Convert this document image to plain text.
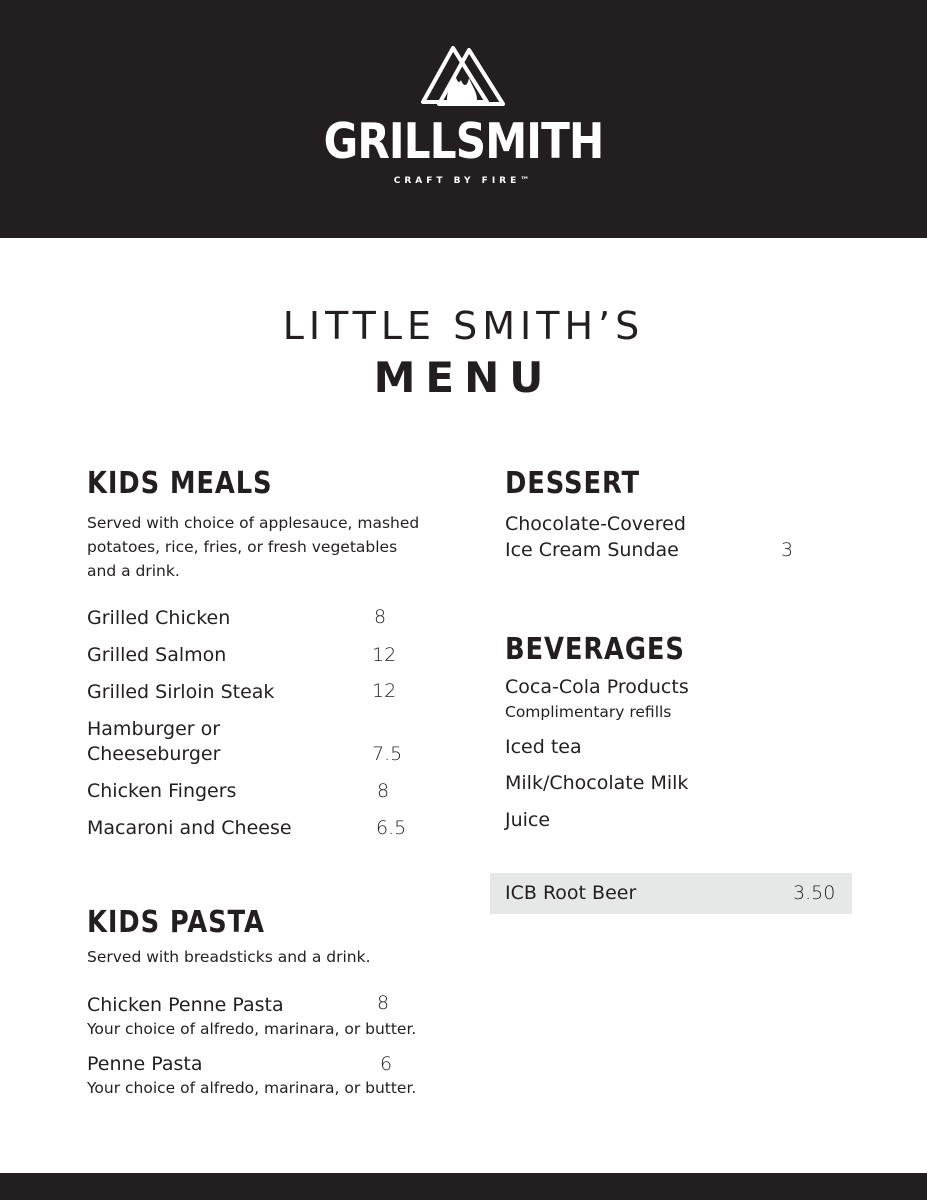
GRILLSMITH
CRAFT BY FIRE™
LITTLE SMITH’S
MENU
KIDS MEALS
Served with choice of applesauce, mashed
potatoes, rice, fries, or fresh vegetables
and a drink.
Grilled Chicken	8
Grilled Salmon	12
Grilled Sirloin Steak	12
Hamburger or
Cheeseburger	7.5
Chicken Fingers	8
Macaroni and Cheese	6.5
KIDS PASTA
Served with breadsticks and a drink.
Chicken Penne Pasta	8
Your choice of alfredo, marinara, or butter.
Penne Pasta	6
Your choice of alfredo, marinara, or butter.
DESSERT
Chocolate-Covered
Ice Cream Sundae	3
BEVERAGES
Coca-Cola Products
Complimentary refills
Iced tea
Milk/Chocolate Milk
Juice
ICB Root Beer	3.50
